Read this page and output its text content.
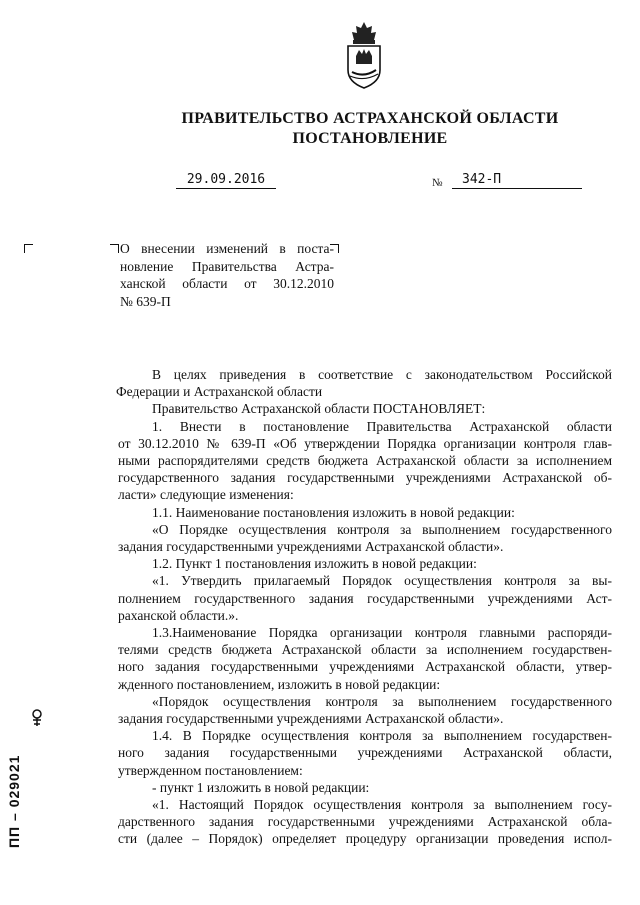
ПРАВИТЕЛЬСТВО АСТРАХАНСКОЙ ОБЛАСТИ
ПОСТАНОВЛЕНИЕ
29.09.2016	№	342-П
О внесении изменений в поста-
новление Правительства Астра-
ханской области от 30.12.2010
№ 639-П
В целях приведения в соответствие с законодательством Российской
Федерации и Астраханской области
Правительство Астраханской области ПОСТАНОВЛЯЕТ:
1. Внести в постановление Правительства Астраханской области
от 30.12.2010 № 639-П «Об утверждении Порядка организации контроля глав-
ными распорядителями средств бюджета Астраханской области за исполнением
государственного задания государственными учреждениями Астраханской об-
ласти» следующие изменения:
1.1. Наименование постановления изложить в новой редакции:
«О Порядке осуществления контроля за выполнением государственного
задания государственными учреждениями Астраханской области».
1.2. Пункт 1 постановления изложить в новой редакции:
«1. Утвердить прилагаемый Порядок осуществления контроля за вы-
полнением государственного задания государственными учреждениями Аст-
раханской области.».
1.3.Наименование Порядка организации контроля главными распоряди-
телями средств бюджета Астраханской области за исполнением государствен-
ного задания государственными учреждениями Астраханской области, утвер-
жденного постановлением, изложить в новой редакции:
«Порядок осуществления контроля за выполнением государственного
задания государственными учреждениями Астраханской области».
1.4. В Порядке осуществления контроля за выполнением государствен-
ного задания государственными учреждениями Астраханской области,
утвержденном постановлением:
- пункт 1 изложить в новой редакции:
«1. Настоящий Порядок осуществления контроля за выполнением госу-
дарственного задания государственными учреждениями Астраханской обла-
сти (далее – Порядок) определяет процедуру организации проведения испол-
ПП – 029021
